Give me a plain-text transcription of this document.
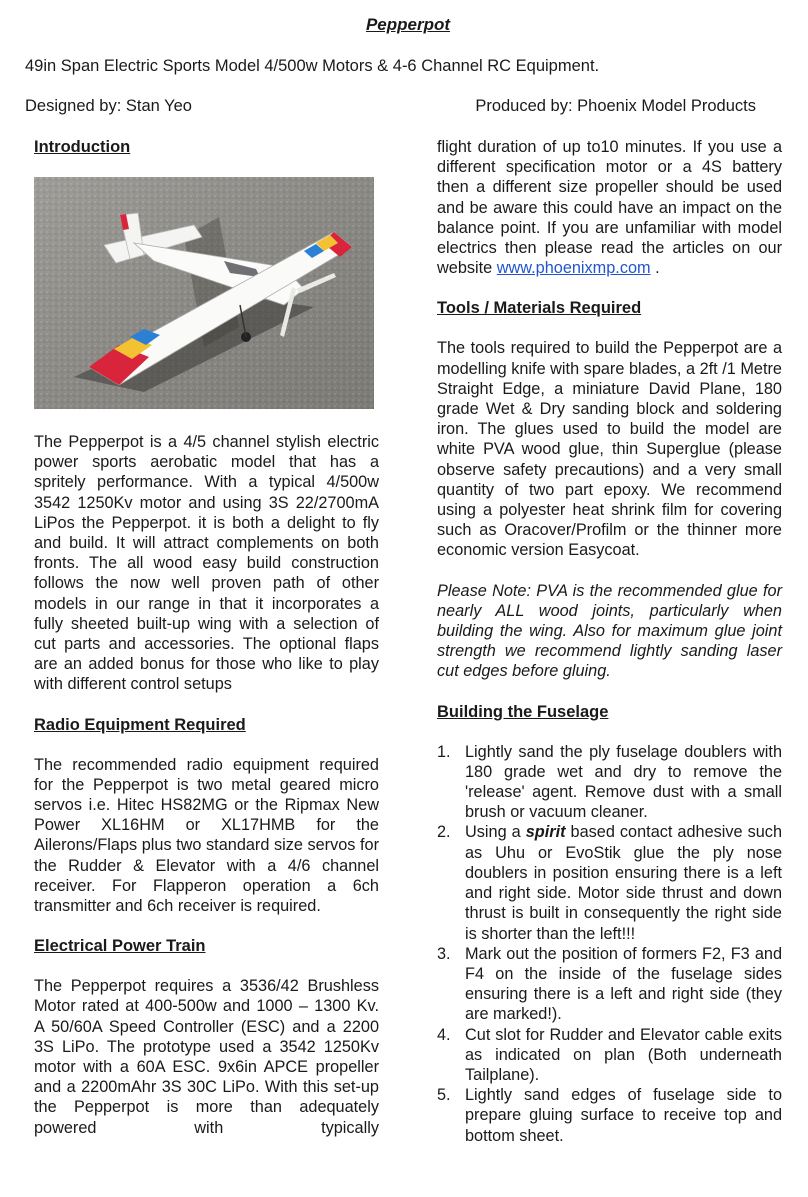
Pepperpot
49in Span Electric Sports Model 4/500w Motors & 4-6 Channel RC Equipment.
Designed by: Stan Yeo	Produced by: Phoenix Model Products
Introduction

The Pepperpot is a 4/5 channel stylish electric power sports aerobatic model that has a spritely performance. With a typical 4/500w 3542 1250Kv motor and using 3S 22/2700mA LiPos the Pepperpot. it is both a delight to fly and build. It will attract complements on both fronts. The all wood easy build construction follows the now well proven path of other models in our range in that it incorporates a fully sheeted built-up wing with a selection of cut parts and accessories. The optional flaps are an added bonus for those who like to play with different control setups

Radio Equipment Required

The recommended radio equipment required for the Pepperpot is two metal geared micro servos i.e. Hitec HS82MG or the Ripmax New Power XL16HM or XL17HMB for the Ailerons/Flaps plus two standard size servos for the Rudder & Elevator with a 4/6 channel receiver. For Flapperon operation a 6ch transmitter and 6ch receiver is required.

Electrical Power Train

The Pepperpot requires a 3536/42 Brushless Motor rated at 400-500w and 1000 – 1300 Kv. A 50/60A Speed Controller (ESC) and a 2200 3S LiPo. The prototype used a 3542 1250Kv motor with a 60A ESC. 9x6in APCE propeller and a 2200mAhr 3S 30C LiPo. With this set-up the Pepperpot is more than adequately powered with typically

flight duration of up to10 minutes. If you use a different specification motor or a 4S battery then a different size propeller should be used and be aware this could have an impact on the balance point. If you are unfamiliar with model electrics then please read the articles on our website www.phoenixmp.com .

Tools / Materials Required

The tools required to build the Pepperpot are a modelling knife with spare blades, a 2ft /1 Metre Straight Edge, a miniature David Plane, 180 grade Wet & Dry sanding block and soldering iron. The glues used to build the model are white PVA wood glue, thin Superglue (please observe safety precautions) and a very small quantity of two part epoxy. We recommend using a polyester heat shrink film for covering such as Oracover/Profilm or the thinner more economic version Easycoat.

Please Note: PVA is the recommended glue for nearly ALL wood joints, particularly when building the wing. Also for maximum glue joint strength we recommend lightly sanding laser cut edges before gluing.

Building the Fuselage
1. Lightly sand the ply fuselage doublers with 180 grade wet and dry to remove the 'release' agent. Remove dust with a small brush or vacuum cleaner.
2. Using a spirit based contact adhesive such as Uhu or EvoStik glue the ply nose doublers in position ensuring there is a left and right side. Motor side thrust and down thrust is built in consequently the right side is shorter than the left!!!
3. Mark out the position of formers F2, F3 and F4 on the inside of the fuselage sides ensuring there is a left and right side (they are marked!).
4. Cut slot for Rudder and Elevator cable exits as indicated on plan (Both underneath Tailplane).
5. Lightly sand edges of fuselage side to prepare gluing surface to receive top and bottom sheet.
